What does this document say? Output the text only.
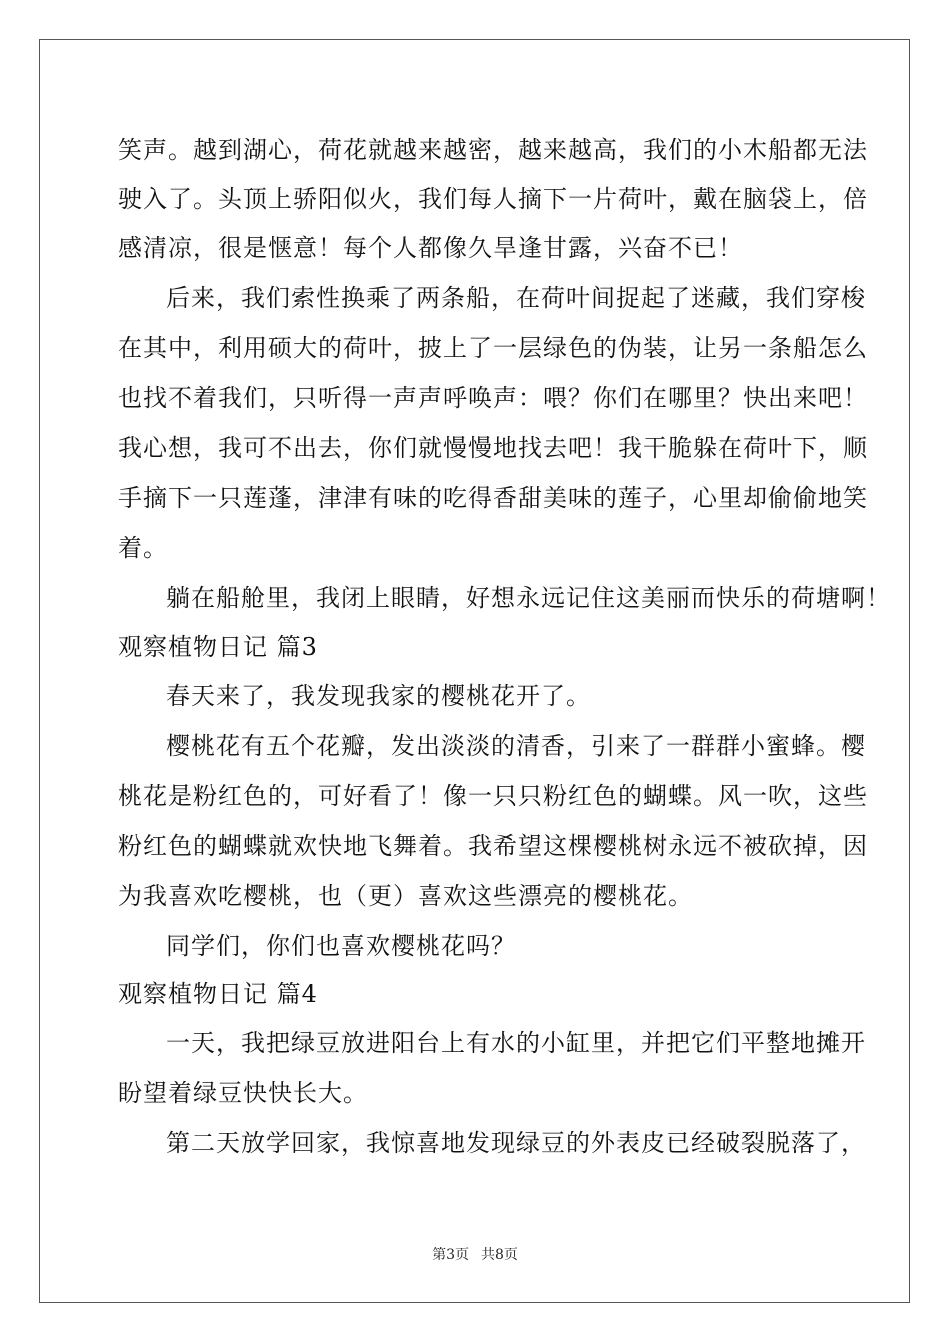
笑声。越到湖心，荷花就越来越密，越来越高，我们的小木船都无法
驶入了。头顶上骄阳似火，我们每人摘下一片荷叶，戴在脑袋上，倍
感清凉，很是惬意！每个人都像久旱逢甘露，兴奋不已！
后来，我们索性换乘了两条船，在荷叶间捉起了迷藏，我们穿梭
在其中，利用硕大的荷叶，披上了一层绿色的伪装，让另一条船怎么
也找不着我们，只听得一声声呼唤声：喂？你们在哪里？快出来吧！
我心想，我可不出去，你们就慢慢地找去吧！我干脆躲在荷叶下，顺
手摘下一只莲蓬，津津有味的吃得香甜美味的莲子，心里却偷偷地笑
着。
躺在船舱里，我闭上眼睛，好想永远记住这美丽而快乐的荷塘啊！
观察植物日记 篇3
春天来了，我发现我家的樱桃花开了。
樱桃花有五个花瓣，发出淡淡的清香，引来了一群群小蜜蜂。樱
桃花是粉红色的，可好看了！像一只只粉红色的蝴蝶。风一吹，这些
粉红色的蝴蝶就欢快地飞舞着。我希望这棵樱桃树永远不被砍掉，因
为我喜欢吃樱桃，也（更）喜欢这些漂亮的樱桃花。
同学们，你们也喜欢樱桃花吗？
观察植物日记 篇4
一天，我把绿豆放进阳台上有水的小缸里，并把它们平整地摊开
盼望着绿豆快快长大。
第二天放学回家，我惊喜地发现绿豆的外表皮已经破裂脱落了，
第3页 共8页
